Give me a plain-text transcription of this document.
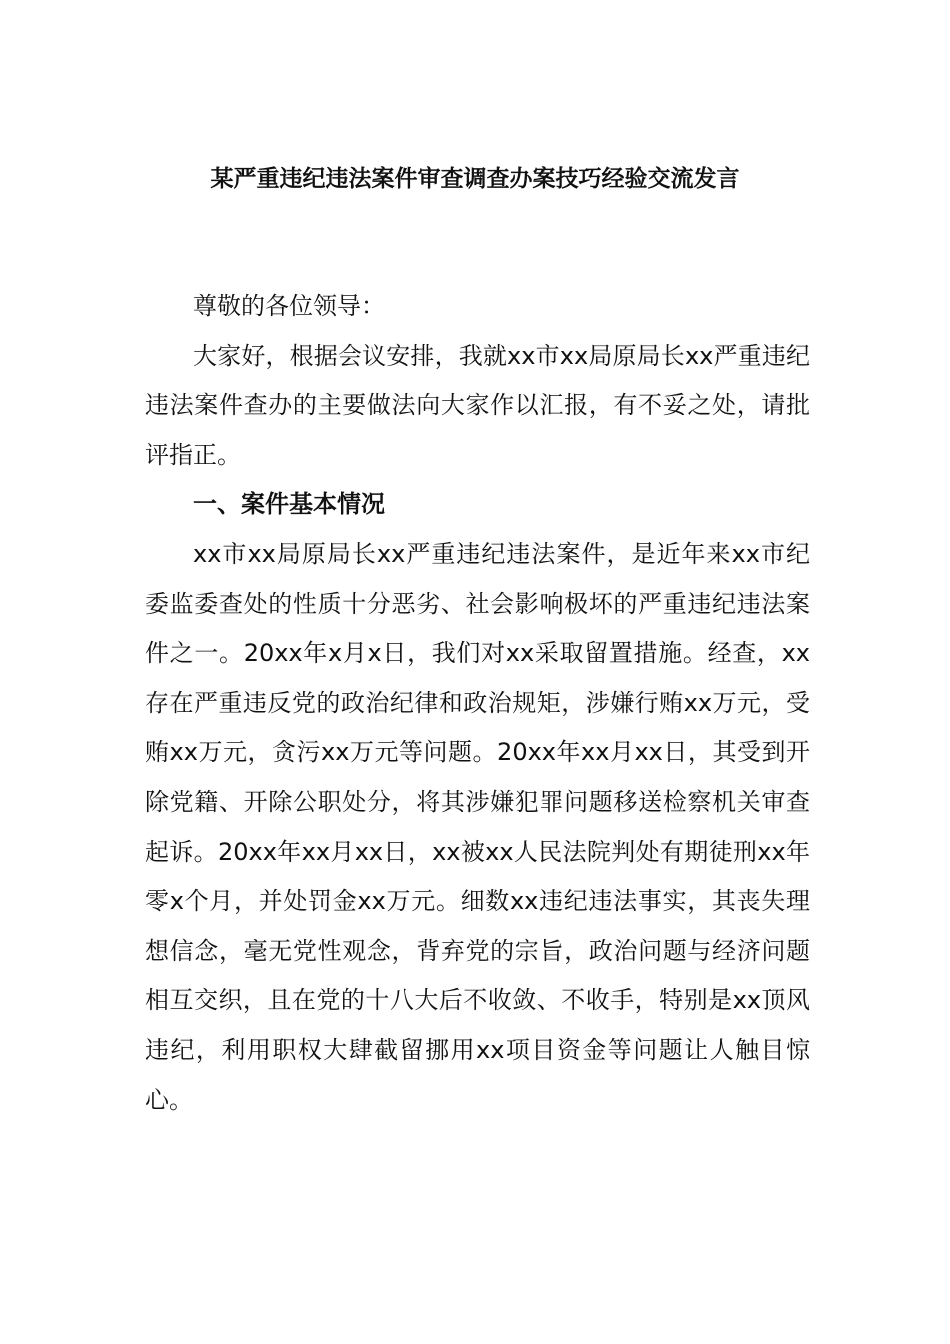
某严重违纪违法案件审查调查办案技巧经验交流发言

尊敬的各位领导：

大家好，根据会议安排，我就xx市xx局原局长xx严重违纪违法案件查办的主要做法向大家作以汇报，有不妥之处，请批评指正。

一、案件基本情况

xx市xx局原局长xx严重违纪违法案件，是近年来xx市纪委监委查处的性质十分恶劣、社会影响极坏的严重违纪违法案件之一。20xx年x月x日，我们对xx采取留置措施。经查，xx存在严重违反党的政治纪律和政治规矩，涉嫌行贿xx万元，受贿xx万元，贪污xx万元等问题。20xx年xx月xx日，其受到开除党籍、开除公职处分，将其涉嫌犯罪问题移送检察机关审查起诉。20xx年xx月xx日，xx被xx人民法院判处有期徒刑xx年零x个月，并处罚金xx万元。细数xx违纪违法事实，其丧失理想信念，毫无党性观念，背弃党的宗旨，政治问题与经济问题相互交织，且在党的十八大后不收敛、不收手，特别是xx顶风违纪，利用职权大肆截留挪用xx项目资金等问题让人触目惊心。
